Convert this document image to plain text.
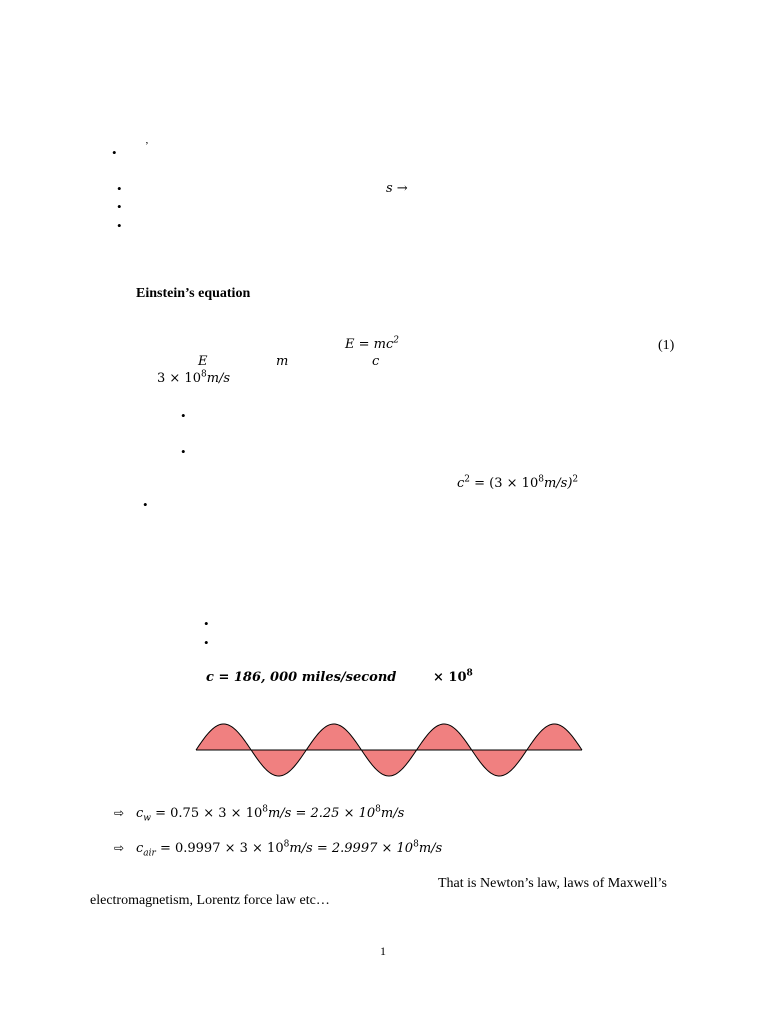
•	’
•	s →
•
•
Einstein’s equation
$E = mc^2$	(1)
E	m	c
$3 \times 10^8m/s$
•
•
$c^2 = (3 \times 10^8m/s)^2$
•
•
•
c = 186, 000 miles/second	× $10^8$
⇨ $c_w = 0.75 \times 3 \times 10^8m/s = 2.25 \times 10^8m/s$
⇨ $c_{air} = 0.9997 \times 3 \times 10^8m/s = 2.9997 \times 10^8m/s$
That is Newton’s law, laws of Maxwell’s
electromagnetism, Lorentz force law etc…
1
